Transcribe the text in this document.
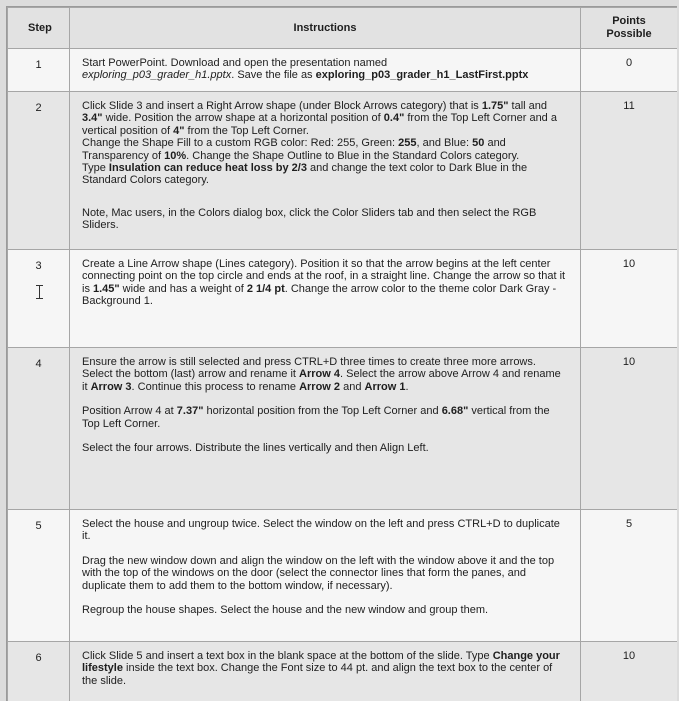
Step	Instructions	Points
Possible
1	Start PowerPoint. Download and open the presentation named
exploring_p03_grader_h1.pptx. Save the file as exploring_p03_grader_h1_LastFirst.pptx	0
2	Click Slide 3 and insert a Right Arrow shape (under Block Arrows category) that is 1.75" tall and 3.4" wide. Position the arrow shape at a horizontal position of 0.4" from the Top Left Corner and a vertical position of 4" from the Top Left Corner.
Change the Shape Fill to a custom RGB color: Red: 255, Green: 255, and Blue: 50 and Transparency of 10%. Change the Shape Outline to Blue in the Standard Colors category.
Type Insulation can reduce heat loss by 2/3 and change the text color to Dark Blue in the Standard Colors category.

Note, Mac users, in the Colors dialog box, click the Color Sliders tab and then select the RGB Sliders.	11
3	Create a Line Arrow shape (Lines category). Position it so that the arrow begins at the left center connecting point on the top circle and ends at the roof, in a straight line. Change the arrow so that it is 1.45" wide and has a weight of 2 1/4 pt. Change the arrow color to the theme color Dark Gray - Background 1.	10
4	Ensure the arrow is still selected and press CTRL+D three times to create three more arrows. Select the bottom (last) arrow and rename it Arrow 4. Select the arrow above Arrow 4 and rename it Arrow 3. Continue this process to rename Arrow 2 and Arrow 1.

Position Arrow 4 at 7.37" horizontal position from the Top Left Corner and 6.68" vertical from the Top Left Corner.

Select the four arrows. Distribute the lines vertically and then Align Left.	10
5	Select the house and ungroup twice. Select the window on the left and press CTRL+D to duplicate it.

Drag the new window down and align the window on the left with the window above it and the top with the top of the windows on the door (select the connector lines that form the panes, and duplicate them to add them to the bottom window, if necessary).

Regroup the house shapes. Select the house and the new window and group them.	5
6	Click Slide 5 and insert a text box in the blank space at the bottom of the slide. Type Change your lifestyle inside the text box. Change the Font size to 44 pt. and align the text box to the center of the slide.	10
